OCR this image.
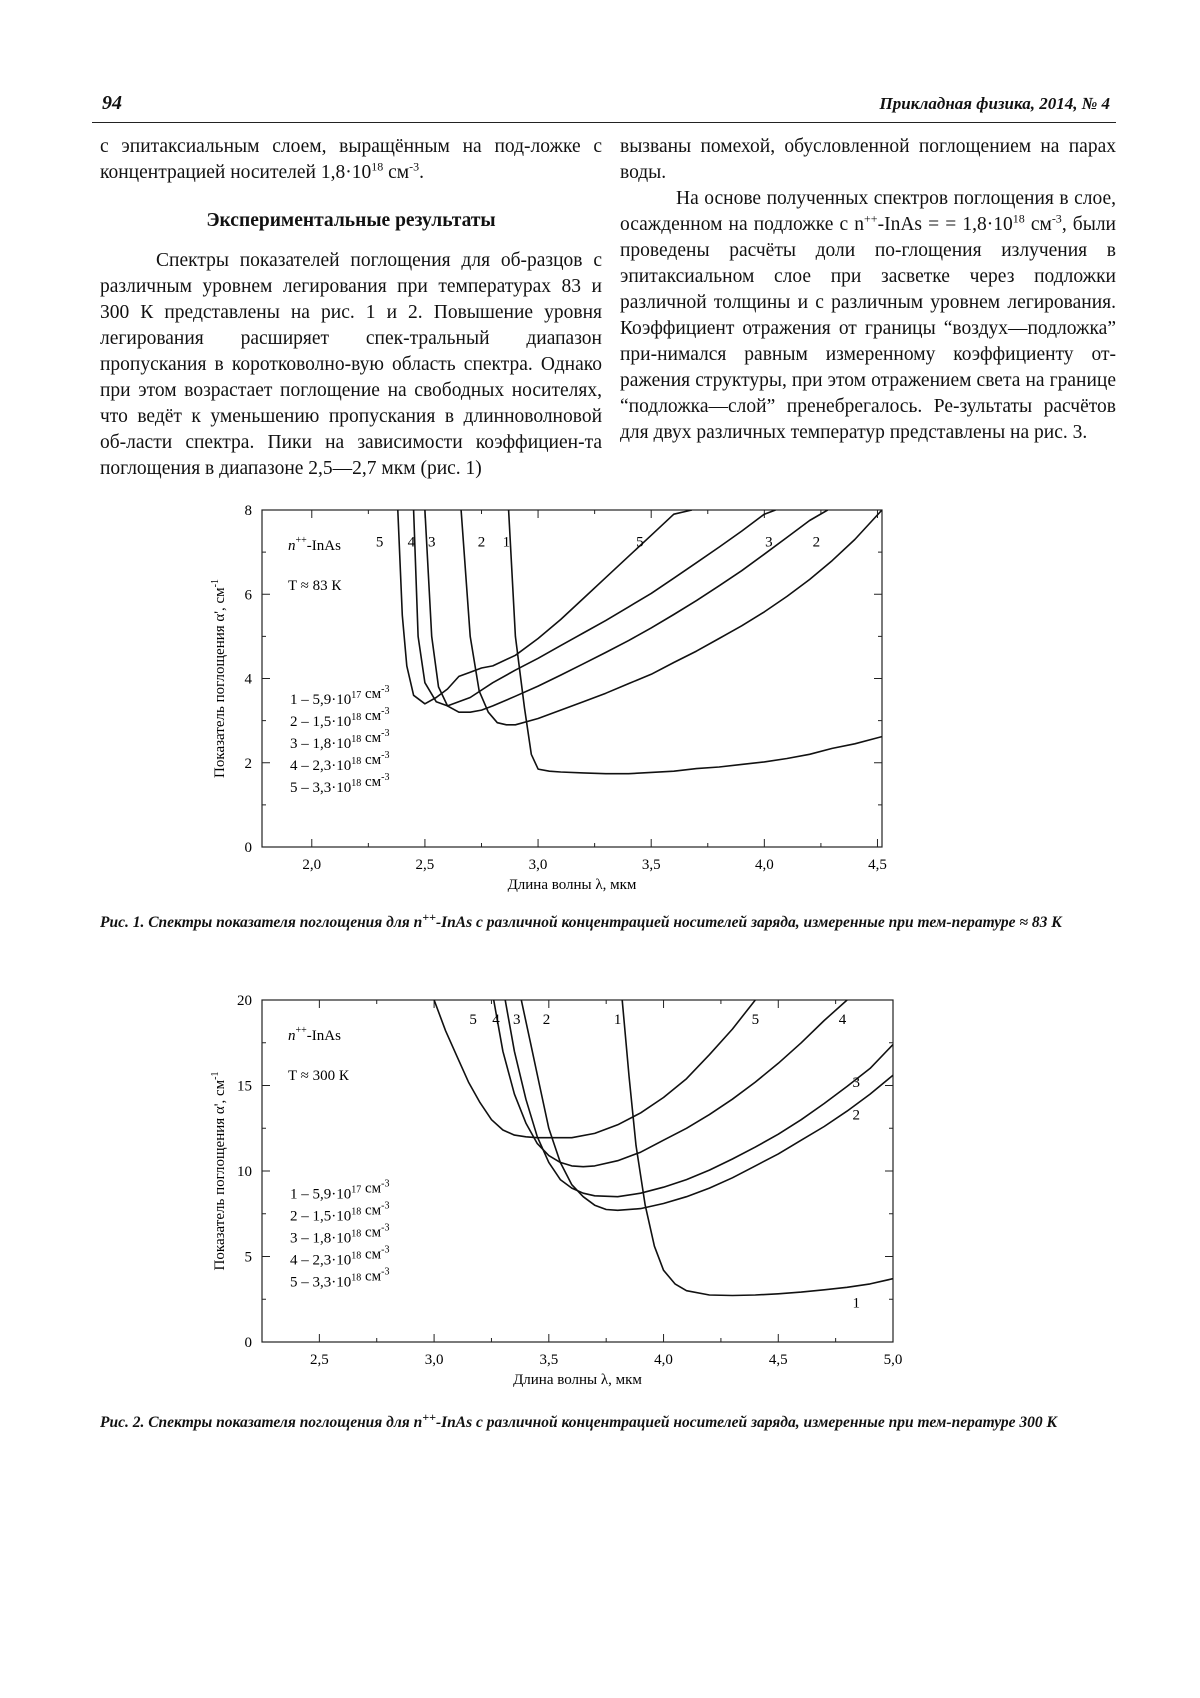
94	Прикладная физика, 2014, № 4

с эпитаксиальным слоем, выращённым на под-ложке с концентрацией носителей $1,8\cdot 10^{18}$ $см^{-3}$.

Экспериментальные результаты

Спектры показателей поглощения для об-разцов с различным уровнем легирования при температурах 83 и 300 К представлены на рис. 1 и 2. Повышение уровня легирования расширяет спек-тральный диапазон пропускания в коротковолно-вую область спектра. Однако при этом возрастает поглощение на свободных носителях, что ведёт к уменьшению пропускания в длинноволновой об-ласти спектра. Пики на зависимости коэффициен-та поглощения в диапазоне 2,5—2,7 мкм (рис. 1)

вызваны помехой, обусловленной поглощением на парах воды.

На основе полученных спектров поглощения в слое, осажденном на подложке с n++-InAs = = $1,8\cdot 10^{18}$ $см^{-3}$, были проведены расчёты доли по-глощения излучения в эпитаксиальном слое при засветке через подложки различной толщины и с различным уровнем легирования. Коэффициент отражения от границы “воздух—подложка” при-нимался равным измеренному коэффициенту от-ражения структуры, при этом отражением света на границе “подложка—слой” пренебрегалось. Ре-зультаты расчётов для двух различных температур представлены на рис. 3.

2,0	2,5	3,0	3,5	4,0	4,5
0
2
4
6
8
Длина волны λ, мкм
Показатель поглощения α', $см^{-1}$
5 4 3	2 1	5	3	2
n++-InAs
T ≈ 83 К
$1 - 5,9\cdot 10^{17}$ $см^{-3}$
$2 - 1,5\cdot 10^{18}$ $см^{-3}$
$3 - 1,8\cdot 10^{18}$ $см^{-3}$
$4 - 2,3\cdot 10^{18}$ $см^{-3}$
$5 - 3,3\cdot 10^{18}$ $см^{-3}$
Рис. 1. Спектры показателя поглощения для n++-InAs с различной концентрацией носителей заряда, измеренные при тем-пературе ≈ 83 К
2,5	3,0	3,5	4,0	4,5	5,0
0
5
10
15
20
Длина волны λ, мкм
Показатель поглощения α', $см^{-1}$
5 4 3 2	1	5	4
3
2
1
n++-InAs
T ≈ 300 К
$1 - 5,9\cdot 10^{17}$ $см^{-3}$
$2 - 1,5\cdot 10^{18}$ $см^{-3}$
$3 - 1,8\cdot 10^{18}$ $см^{-3}$
$4 - 2,3\cdot 10^{18}$ $см^{-3}$
$5 - 3,3\cdot 10^{18}$ $см^{-3}$
Рис. 2. Спектры показателя поглощения для n++-InAs с различной концентрацией носителей заряда, измеренные при тем-пературе 300 К
